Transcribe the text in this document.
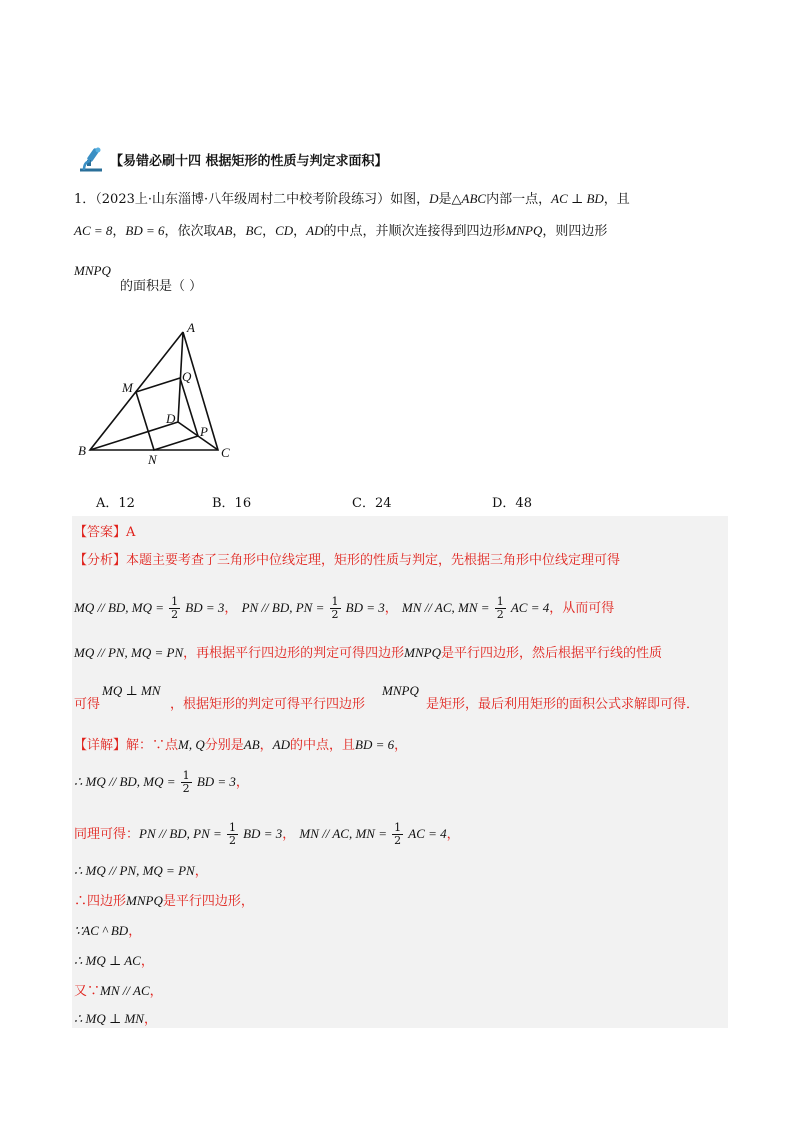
【易错必刷十四 根据矩形的性质与判定求面积】
1．（2023上·山东淄博·八年级周村二中校考阶段练习）如图，D是△ABC内部一点，AC ⊥ BD，且
AC = 8，BD = 6，依次取AB，BC，CD，AD的中点，并顺次连接得到四边形MNPQ，则四边形
MNPQ
的面积是（ ）
A
B	C
D
M
N
P
Q
A．12	B．16	C．24	D．48
【答案】A
【分析】本题主要考查了三角形中位线定理，矩形的性质与判定，先根据三角形中位线定理可得
MQ // BD, MQ = $\frac{1}{2}$ BD = 3， PN // BD, PN = $\frac{1}{2}$ BD = 3， MN // AC, MN = $\frac{1}{2}$ AC = 4，从而可得
MQ // PN, MQ = PN，再根据平行四边形的判定可得四边形MNPQ是平行四边形，然后根据平行线的性质
可得
MQ ⊥ MN
，根据矩形的判定可得平行四边形
MNPQ
是矩形，最后利用矩形的面积公式求解即可得．
【详解】解：∵点M, Q分别是AB，AD的中点，且BD = 6，
∴ MQ // BD, MQ = $\frac{1}{2}$ BD = 3，
同理可得：PN // BD, PN = $\frac{1}{2}$ BD = 3， MN // AC, MN = $\frac{1}{2}$ AC = 4，
∴ MQ // PN, MQ = PN，
∴四边形MNPQ是平行四边形，
∵AC ^ BD，
∴ MQ ⊥ AC，
又∵MN // AC，
∴ MQ ⊥ MN，
